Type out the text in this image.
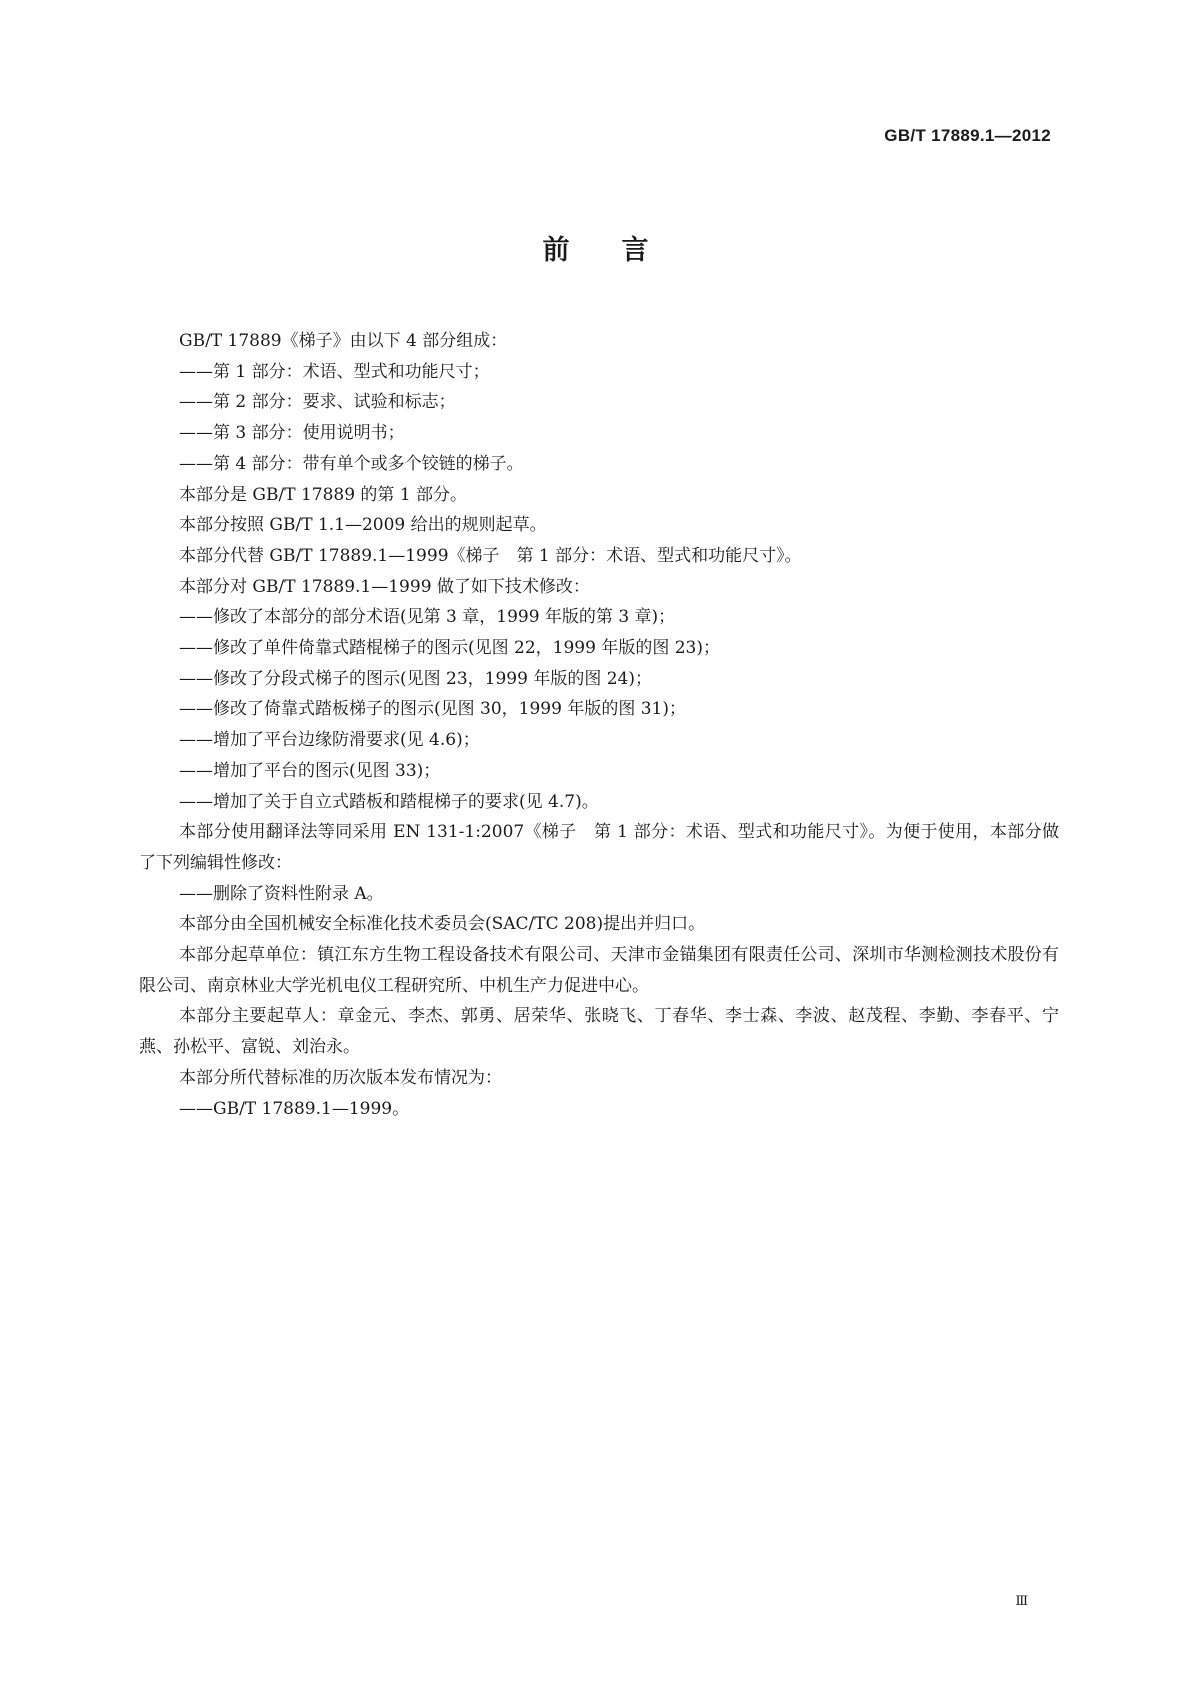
GB/T 17889.1—2012
前言

GB/T 17889《梯子》由以下 4 部分组成：

——第 1 部分：术语、型式和功能尺寸；

——第 2 部分：要求、试验和标志；

——第 3 部分：使用说明书；

——第 4 部分：带有单个或多个铰链的梯子。

本部分是 GB/T 17889 的第 1 部分。

本部分按照 GB/T 1.1—2009 给出的规则起草。

本部分代替 GB/T 17889.1—1999《梯子　第 1 部分：术语、型式和功能尺寸》。

本部分对 GB/T 17889.1—1999 做了如下技术修改：

——修改了本部分的部分术语(见第 3 章，1999 年版的第 3 章)；

——修改了单件倚靠式踏棍梯子的图示(见图 22，1999 年版的图 23)；

——修改了分段式梯子的图示(见图 23，1999 年版的图 24)；

——修改了倚靠式踏板梯子的图示(见图 30，1999 年版的图 31)；

——增加了平台边缘防滑要求(见 4.6)；

——增加了平台的图示(见图 33)；

——增加了关于自立式踏板和踏棍梯子的要求(见 4.7)。

本部分使用翻译法等同采用 EN 131-1:2007《梯子　第 1 部分：术语、型式和功能尺寸》。为便于使用，本部分做了下列编辑性修改：

——删除了资料性附录 A。

本部分由全国机械安全标准化技术委员会(SAC/TC 208)提出并归口。

本部分起草单位：镇江东方生物工程设备技术有限公司、天津市金锚集团有限责任公司、深圳市华测检测技术股份有限公司、南京林业大学光机电仪工程研究所、中机生产力促进中心。

本部分主要起草人：章金元、李杰、郭勇、居荣华、张晓飞、丁春华、李士森、李波、赵茂程、李勤、李春平、宁燕、孙松平、富锐、刘治永。

本部分所代替标准的历次版本发布情况为：

——GB/T 17889.1—1999。

Ⅲ
